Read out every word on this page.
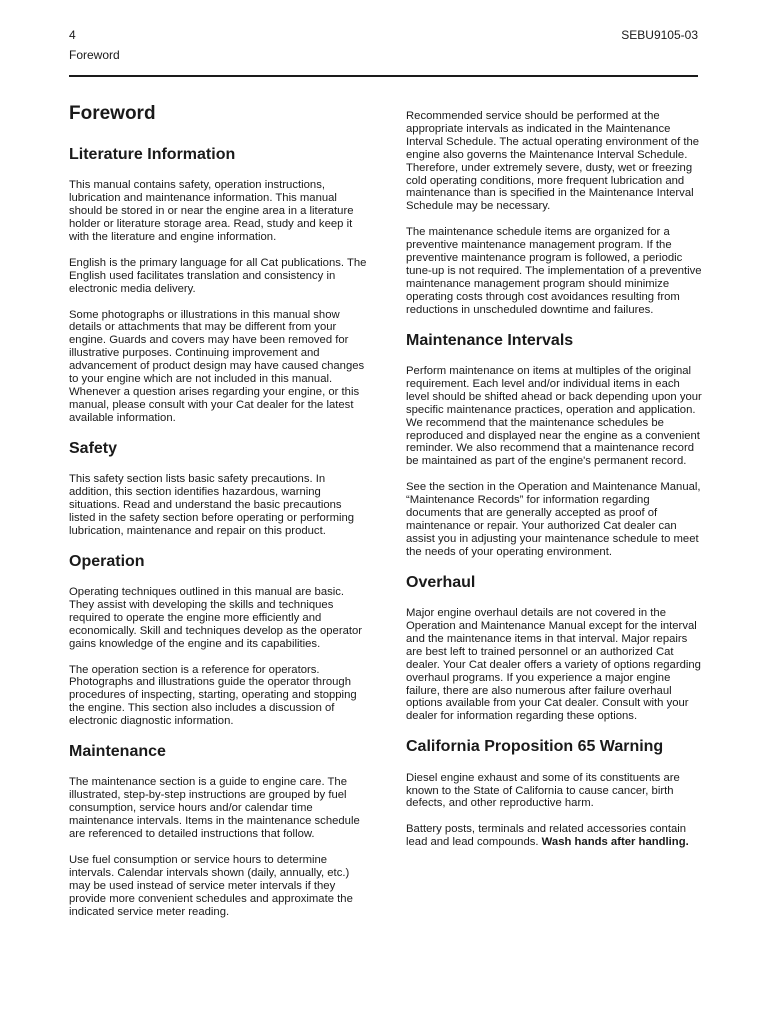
4	SEBU9105-03
Foreword
Foreword
Literature Information

This manual contains safety, operation instructions, lubrication and maintenance information. This manual should be stored in or near the engine area in a literature holder or literature storage area. Read, study and keep it with the literature and engine information.

English is the primary language for all Cat publications. The English used facilitates translation and consistency in electronic media delivery.

Some photographs or illustrations in this manual show details or attachments that may be different from your engine. Guards and covers may have been removed for illustrative purposes. Continuing improvement and advancement of product design may have caused changes to your engine which are not included in this manual. Whenever a question arises regarding your engine, or this manual, please consult with your Cat dealer for the latest available information.

Safety

This safety section lists basic safety precautions. In addition, this section identifies hazardous, warning situations. Read and understand the basic precautions listed in the safety section before operating or performing lubrication, maintenance and repair on this product.

Operation

Operating techniques outlined in this manual are basic. They assist with developing the skills and techniques required to operate the engine more efficiently and economically. Skill and techniques develop as the operator gains knowledge of the engine and its capabilities.

The operation section is a reference for operators. Photographs and illustrations guide the operator through procedures of inspecting, starting, operating and stopping the engine. This section also includes a discussion of electronic diagnostic information.

Maintenance

The maintenance section is a guide to engine care. The illustrated, step-by-step instructions are grouped by fuel consumption, service hours and/or calendar time maintenance intervals. Items in the maintenance schedule are referenced to detailed instructions that follow.

Use fuel consumption or service hours to determine intervals. Calendar intervals shown (daily, annually, etc.) may be used instead of service meter intervals if they provide more convenient schedules and approximate the indicated service meter reading.

Recommended service should be performed at the appropriate intervals as indicated in the Maintenance Interval Schedule. The actual operating environment of the engine also governs the Maintenance Interval Schedule. Therefore, under extremely severe, dusty, wet or freezing cold operating conditions, more frequent lubrication and maintenance than is specified in the Maintenance Interval Schedule may be necessary.

The maintenance schedule items are organized for a preventive maintenance management program. If the preventive maintenance program is followed, a periodic tune-up is not required. The implementation of a preventive maintenance management program should minimize operating costs through cost avoidances resulting from reductions in unscheduled downtime and failures.

Maintenance Intervals

Perform maintenance on items at multiples of the original requirement. Each level and/or individual items in each level should be shifted ahead or back depending upon your specific maintenance practices, operation and application. We recommend that the maintenance schedules be reproduced and displayed near the engine as a convenient reminder. We also recommend that a maintenance record be maintained as part of the engine's permanent record.

See the section in the Operation and Maintenance Manual, “Maintenance Records” for information regarding documents that are generally accepted as proof of maintenance or repair. Your authorized Cat dealer can assist you in adjusting your maintenance schedule to meet the needs of your operating environment.

Overhaul

Major engine overhaul details are not covered in the Operation and Maintenance Manual except for the interval and the maintenance items in that interval. Major repairs are best left to trained personnel or an authorized Cat dealer. Your Cat dealer offers a variety of options regarding overhaul programs. If you experience a major engine failure, there are also numerous after failure overhaul options available from your Cat dealer. Consult with your dealer for information regarding these options.

California Proposition 65 Warning

Diesel engine exhaust and some of its constituents are known to the State of California to cause cancer, birth defects, and other reproductive harm.

Battery posts, terminals and related accessories contain lead and lead compounds. Wash hands after handling.
